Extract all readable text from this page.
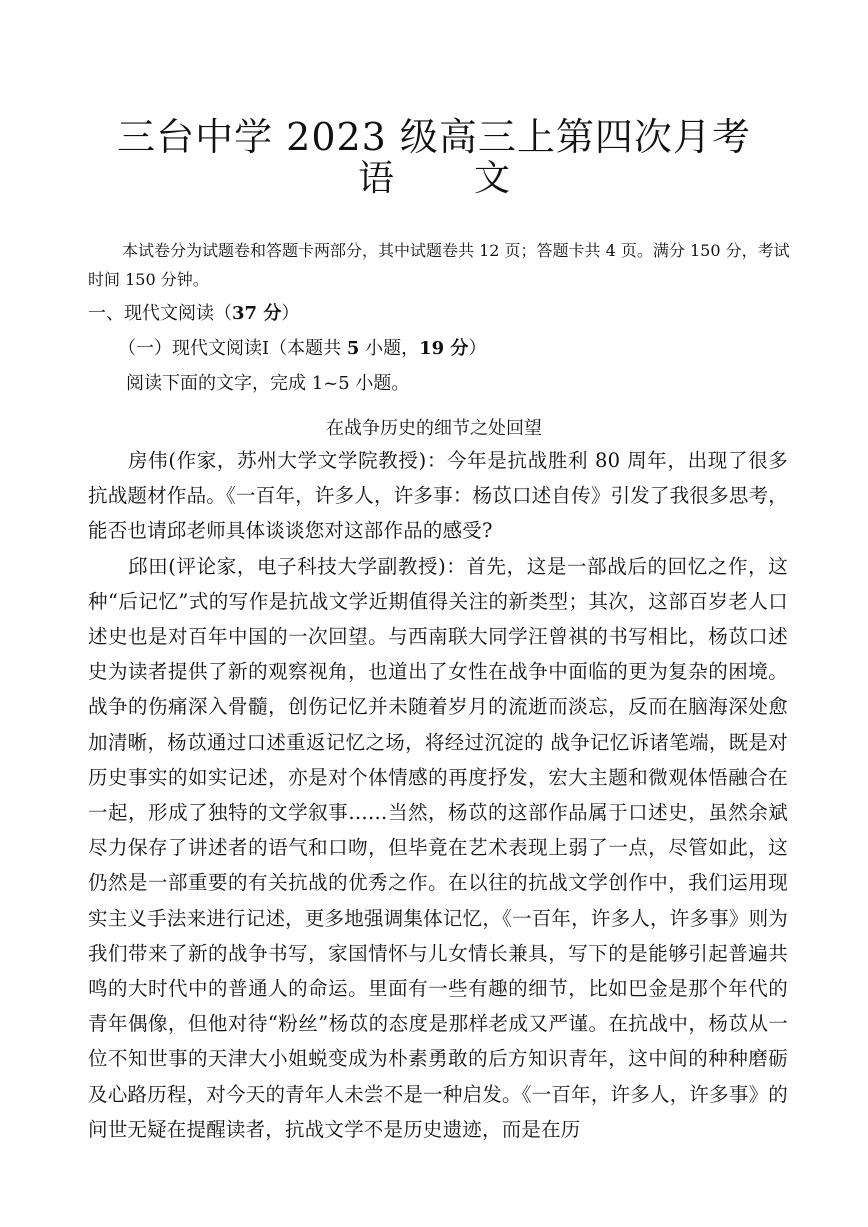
三台中学 2023 级高三上第四次月考
语文
本试卷分为试题卷和答题卡两部分，其中试题卷共 12 页；答题卡共 4 页。满分 150 分，考试时间 150 分钟。
一、现代文阅读（37 分）
（一）现代文阅读Ⅰ（本题共 5 小题，19 分）
阅读下面的文字，完成 1~5 小题。
在战争历史的细节之处回望

房伟(作家，苏州大学文学院教授)：今年是抗战胜利 80 周年，出现了很多抗战题材作品。《一百年，许多人，许多事：杨苡口述自传》引发了我很多思考，能否也请邱老师具体谈谈您对这部作品的感受?

邱田(评论家，电子科技大学副教授)：首先，这是一部战后的回忆之作，这种“后记忆”式的写作是抗战文学近期值得关注的新类型；其次，这部百岁老人口述史也是对百年中国的一次回望。与西南联大同学汪曾祺的书写相比，杨苡口述史为读者提供了新的观察视角，也道出了女性在战争中面临的更为复杂的困境。战争的伤痛深入骨髓，创伤记忆并未随着岁月的流逝而淡忘，反而在脑海深处愈加清晰，杨苡通过口述重返记忆之场，将经过沉淀的 战争记忆诉诸笔端，既是对历史事实的如实记述，亦是对个体情感的再度抒发，宏大主题和微观体悟融合在一起，形成了独特的文学叙事……当然，杨苡的这部作品属于口述史，虽然余斌尽力保存了讲述者的语气和口吻，但毕竟在艺术表现上弱了一点，尽管如此，这仍然是一部重要的有关抗战的优秀之作。在以往的抗战文学创作中，我们运用现实主义手法来进行记述，更多地强调集体记忆，《一百年，许多人，许多事》则为我们带来了新的战争书写，家国情怀与儿女情长兼具，写下的是能够引起普遍共鸣的大时代中的普通人的命运。里面有一些有趣的细节，比如巴金是那个年代的青年偶像，但他对待“粉丝”杨苡的态度是那样老成又严谨。在抗战中，杨苡从一位不知世事的天津大小姐蜕变成为朴素勇敢的后方知识青年，这中间的种种磨砺及心路历程，对今天的青年人未尝不是一种启发。《一百年，许多人，许多事》的问世无疑在提醒读者，抗战文学不是历史遗迹，而是在历
